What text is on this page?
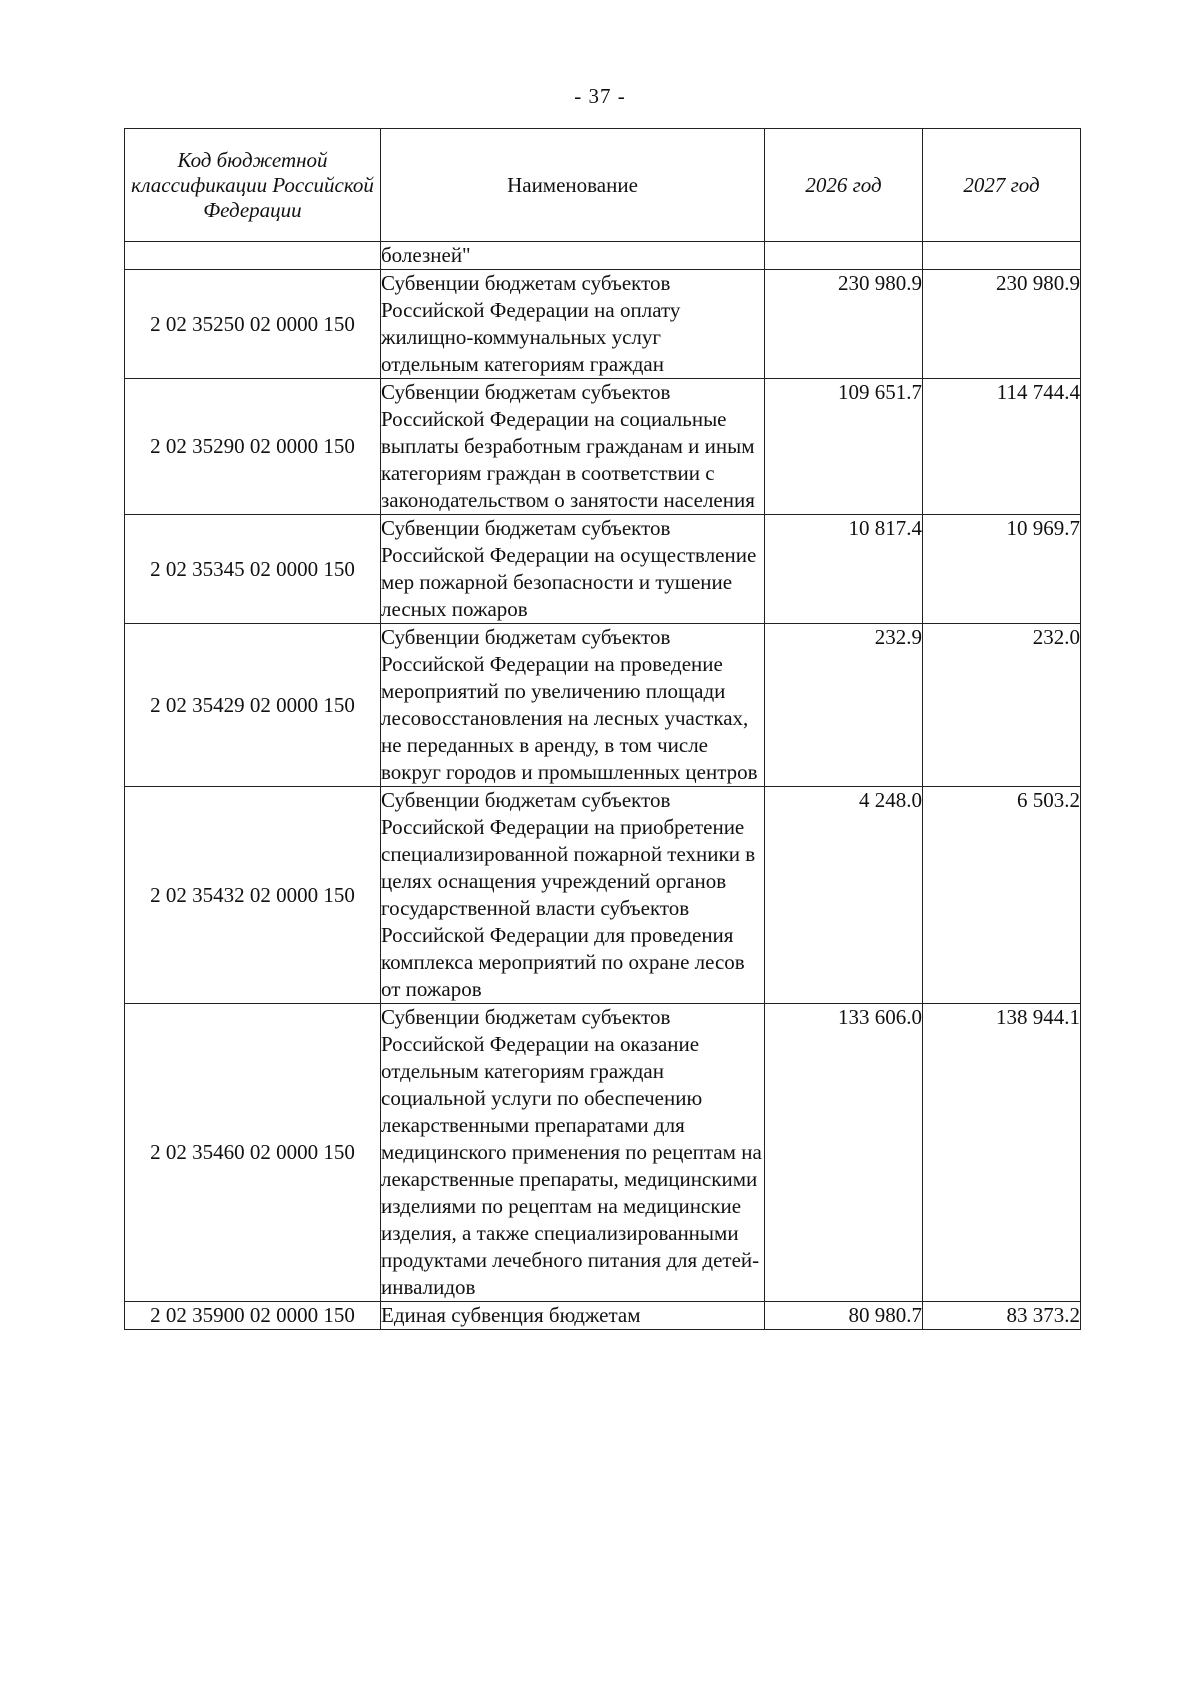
- 37 -
Код бюджетной классификации Российской Федерации	Наименование	2026 год	2027 год
	болезней"		
2 02 35250 02 0000 150	Субвенции бюджетам субъектов Российской Федерации на оплату жилищно-коммунальных услуг отдельным категориям граждан	230 980.9	230 980.9
2 02 35290 02 0000 150	Субвенции бюджетам субъектов Российской Федерации на социальные выплаты безработным гражданам и иным категориям граждан в соответствии с законодательством о занятости населения	109 651.7	114 744.4
2 02 35345 02 0000 150	Субвенции бюджетам субъектов Российской Федерации на осуществление мер пожарной безопасности и тушение лесных пожаров	10 817.4	10 969.7
2 02 35429 02 0000 150	Субвенции бюджетам субъектов Российской Федерации на проведение мероприятий по увеличению площади лесовосстановления на лесных участках, не переданных в аренду, в том числе вокруг городов и промышленных центров	232.9	232.0
2 02 35432 02 0000 150	Субвенции бюджетам субъектов Российской Федерации на приобретение специализированной пожарной техники в целях оснащения учреждений органов государственной власти субъектов Российской Федерации для проведения комплекса мероприятий по охране лесов от пожаров	4 248.0	6 503.2
2 02 35460 02 0000 150	Субвенции бюджетам субъектов Российской Федерации на оказание отдельным категориям граждан социальной услуги по обеспечению лекарственными препаратами для медицинского применения по рецептам на лекарственные препараты, медицинскими изделиями по рецептам на медицинские изделия, а также специализированными продуктами лечебного питания для детей-инвалидов	133 606.0	138 944.1
2 02 35900 02 0000 150	Единая субвенция бюджетам	80 980.7	83 373.2
